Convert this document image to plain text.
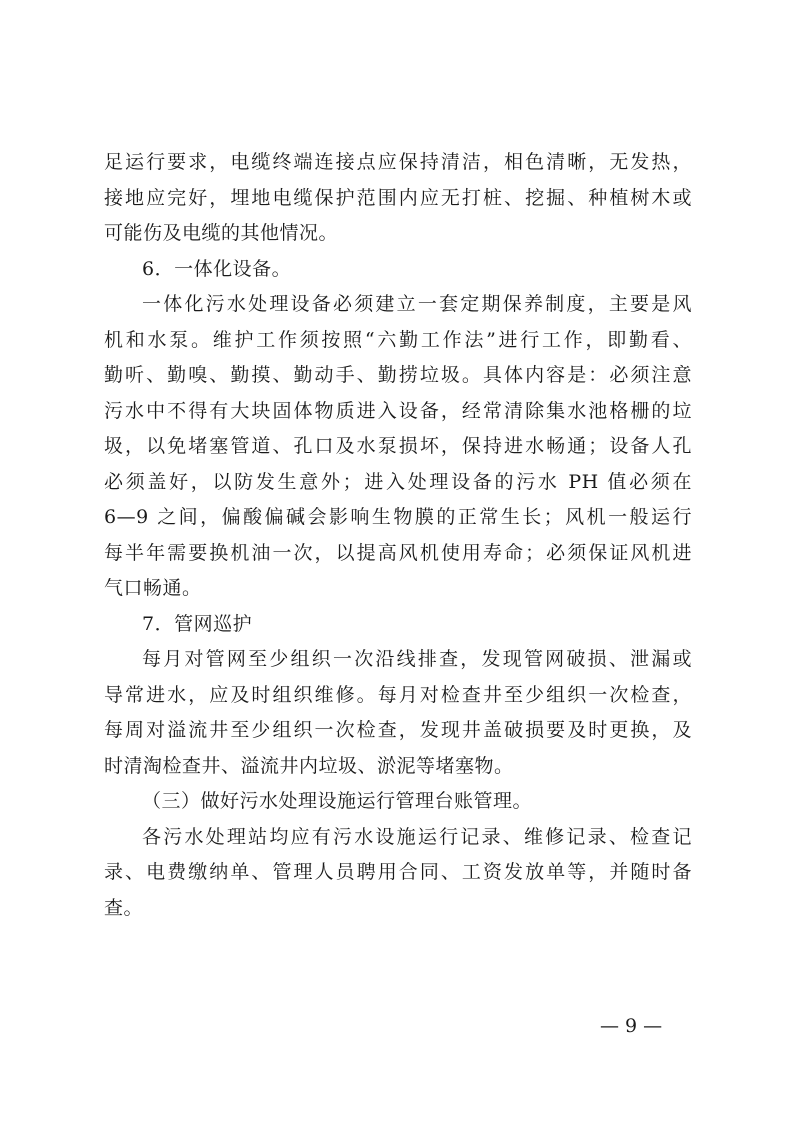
足运行要求，电缆终端连接点应保持清洁，相色清晰，无发热，
接地应完好，埋地电缆保护范围内应无打桩、挖掘、种植树木或
可能伤及电缆的其他情况。
6．一体化设备。
一体化污水处理设备必须建立一套定期保养制度，主要是风
机和水泵。维护工作须按照“六勤工作法”进行工作，即勤看、
勤听、勤嗅、勤摸、勤动手、勤捞垃圾。具体内容是：必须注意
污水中不得有大块固体物质进入设备，经常清除集水池格栅的垃
圾，以免堵塞管道、孔口及水泵损坏，保持进水畅通；设备人孔
必须盖好，以防发生意外；进入处理设备的污水 PH 值必须在
6—9 之间，偏酸偏碱会影响生物膜的正常生长；风机一般运行
每半年需要换机油一次，以提高风机使用寿命；必须保证风机进
气口畅通。
7．管网巡护
每月对管网至少组织一次沿线排查，发现管网破损、泄漏或
导常进水，应及时组织维修。每月对检查井至少组织一次检查，
每周对溢流井至少组织一次检查，发现井盖破损要及时更换，及
时清淘检查井、溢流井内垃圾、淤泥等堵塞物。
（三）做好污水处理设施运行管理台账管理。
各污水处理站均应有污水设施运行记录、维修记录、检查记
录、电费缴纳单、管理人员聘用合同、工资发放单等，并随时备
查。
— 9 —
